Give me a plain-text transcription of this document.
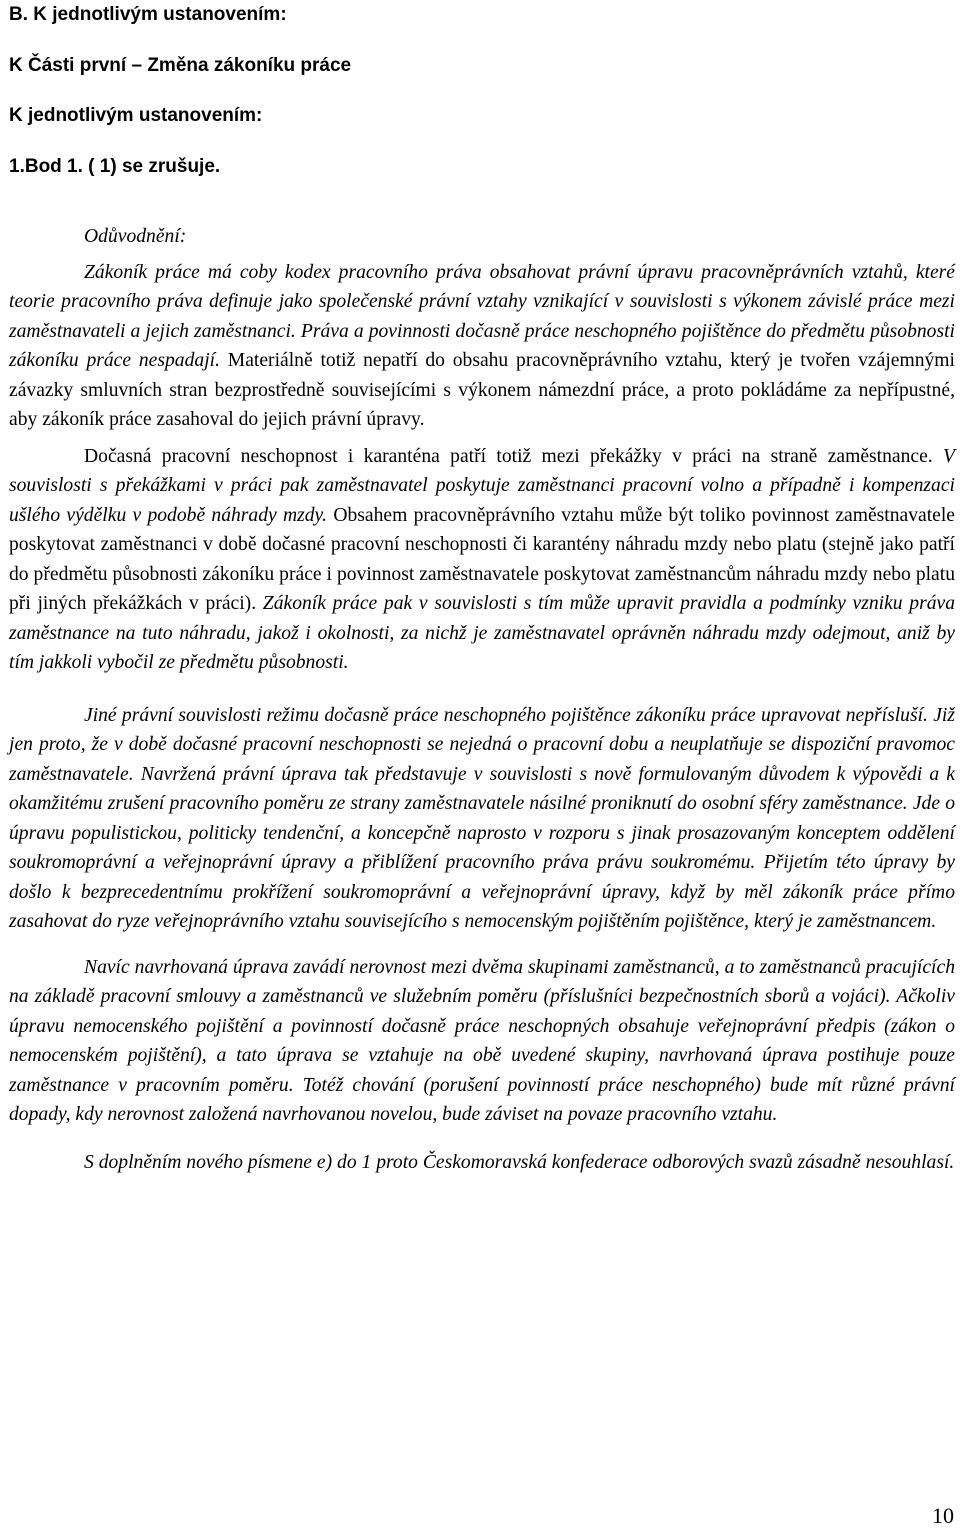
B. K jednotlivým ustanovením:
K Části první – Změna zákoníku práce
K jednotlivým ustanovením:
1.Bod 1. ( 1) se zrušuje.

Odůvodnění:

Zákoník práce má coby kodex pracovního práva obsahovat právní úpravu pracovněprávních vztahů, které teorie pracovního práva definuje jako společenské právní vztahy vznikající v souvislosti s výkonem závislé práce mezi zaměstnavateli a jejich zaměstnanci. Práva a povinnosti dočasně práce neschopného pojištěnce do předmětu působnosti zákoníku práce nespadají. Materiálně totiž nepatří do obsahu pracovněprávního vztahu, který je tvořen vzájemnými závazky smluvních stran bezprostředně souvisejícími s výkonem námezdní práce, a proto pokládáme za nepřípustné, aby zákoník práce zasahoval do jejich právní úpravy.

Dočasná pracovní neschopnost i karanténa patří totiž mezi překážky v práci na straně zaměstnance. V souvislosti s překážkami v práci pak zaměstnavatel poskytuje zaměstnanci pracovní volno a případně i kompenzaci ušlého výdělku v podobě náhrady mzdy. Obsahem pracovněprávního vztahu může být toliko povinnost zaměstnavatele poskytovat zaměstnanci v době dočasné pracovní neschopnosti či karantény náhradu mzdy nebo platu (stejně jako patří do předmětu působnosti zákoníku práce i povinnost zaměstnavatele poskytovat zaměstnancům náhradu mzdy nebo platu při jiných překážkách v práci). Zákoník práce pak v souvislosti s tím může upravit pravidla a podmínky vzniku práva zaměstnance na tuto náhradu, jakož i okolnosti, za nichž je zaměstnavatel oprávněn náhradu mzdy odejmout, aniž by tím jakkoli vybočil ze předmětu působnosti.

Jiné právní souvislosti režimu dočasně práce neschopného pojištěnce zákoníku práce upravovat nepřísluší. Již jen proto, že v době dočasné pracovní neschopnosti se nejedná o pracovní dobu a neuplatňuje se dispoziční pravomoc zaměstnavatele. Navržená právní úprava tak představuje v souvislosti s nově formulovaným důvodem k výpovědi a k okamžitému zrušení pracovního poměru ze strany zaměstnavatele násilné proniknutí do osobní sféry zaměstnance. Jde o úpravu populistickou, politicky tendenční, a koncepčně naprosto v rozporu s jinak prosazovaným konceptem oddělení soukromoprávní a veřejnoprávní úpravy a přiblížení pracovního práva právu soukromému. Přijetím této úpravy by došlo k bezprecedentnímu prokřížení soukromoprávní a veřejnoprávní úpravy, když by měl zákoník práce přímo zasahovat do ryze veřejnoprávního vztahu souvisejícího s nemocenským pojištěním pojištěnce, který je zaměstnancem.

Navíc navrhovaná úprava zavádí nerovnost mezi dvěma skupinami zaměstnanců, a to zaměstnanců pracujících na základě pracovní smlouvy a zaměstnanců ve služebním poměru (příslušníci bezpečnostních sborů a vojáci). Ačkoliv úpravu nemocenského pojištění a povinností dočasně práce neschopných obsahuje veřejnoprávní předpis (zákon o nemocenském pojištění), a tato úprava se vztahuje na obě uvedené skupiny, navrhovaná úprava postihuje pouze zaměstnance v pracovním poměru. Totéž chování (porušení povinností práce neschopného) bude mít různé právní dopady, kdy nerovnost založená navrhovanou novelou, bude záviset na povaze pracovního vztahu.

S doplněním nového písmene e) do 1 proto Českomoravská konfederace odborových svazů zásadně nesouhlasí.

10
